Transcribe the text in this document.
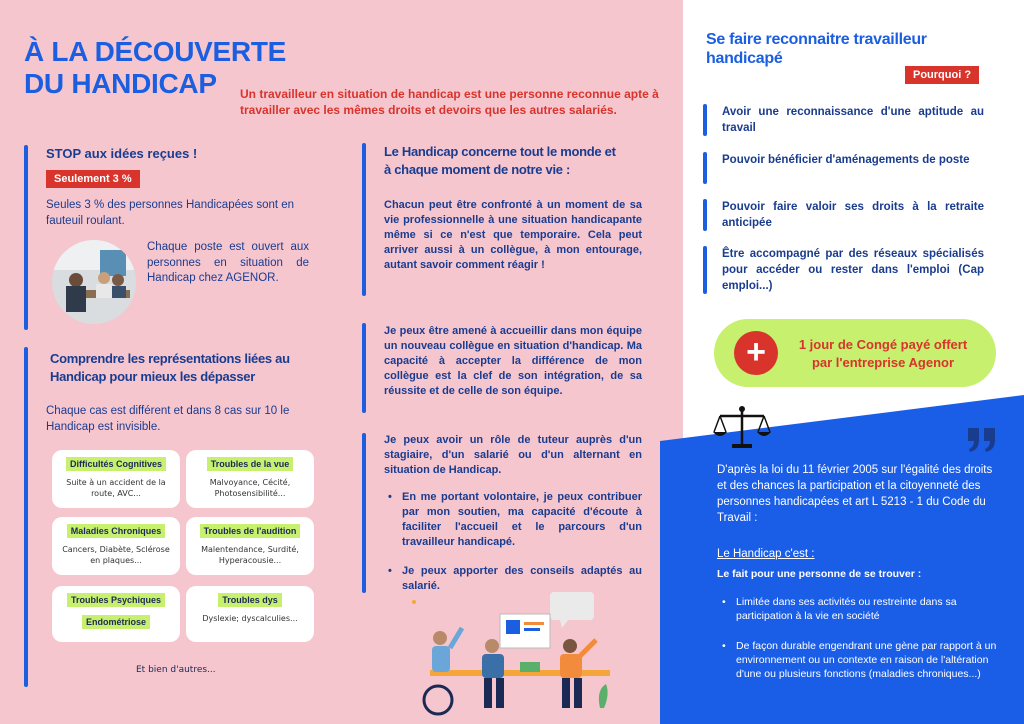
À LA DÉCOUVERTE
DU HANDICAP	Un travailleur en situation de handicap est une personne reconnue apte à
travailler avec les mêmes droits et devoirs que les autres salariés.
STOP aux idées reçues !
Seulement 3 %
Seules 3 % des personnes Handicapées sont en fauteuil roulant.
Chaque poste est ouvert aux personnes en situation de Handicap chez AGENOR.
Comprendre les représentations liées au
Handicap pour mieux les dépasser
Chaque cas est différent et dans 8 cas sur 10 le Handicap est invisible.
Difficultés Cognitives
Suite à un accident de la route, AVC...
Troubles de la vue
Malvoyance, Cécité, Photosensibilité...
Maladies Chroniques
Cancers, Diabète, Sclérose en plaques...
Troubles de l'audition
Malentendance, Surdité, Hyperacousie...
Troubles Psychiques
Endométriose
Troubles dys
Dyslexie; dyscalculies...
Et bien d'autres...
Le Handicap concerne tout le monde et
à chaque moment de notre vie :
Chacun peut être confronté à un moment de sa vie professionnelle à une situation handicapante même si ce n'est que temporaire. Cela peut arriver aussi à un collègue, à mon entourage, autant savoir comment réagir !
Je peux être amené à accueillir dans mon équipe un nouveau collègue en situation d'handicap. Ma capacité à accepter la différence de mon collègue est la clef de son intégration, de sa réussite et de celle de son équipe.
Je peux avoir un rôle de tuteur auprès d'un stagiaire, d'un salarié ou d'un alternant en situation de Handicap.
• En me portant volontaire, je peux contribuer par mon soutien, ma capacité d'écoute à faciliter l'accueil et le parcours d'un travailleur handicapé.
• Je peux apporter des conseils adaptés au salarié.
Se faire reconnaitre travailleur
handicapé
Pourquoi ?
Avoir une reconnaissance d'une aptitude au travail
Pouvoir bénéficier d'aménagements de poste
Pouvoir faire valoir ses droits à la retraite anticipée
Être accompagné par des réseaux spécialisés pour accéder ou rester dans l'emploi (Cap emploi...)
+	1 jour de Congé payé offert
par l'entreprise Agenor
D'après la loi du 11 février 2005 sur l'égalité des droits et des chances la participation et la citoyenneté des personnes handicapées et art L 5213 - 1 du Code du Travail :
Le Handicap c'est :
Le fait pour une personne de se trouver :
• Limitée dans ses activités ou restreinte dans sa participation à la vie en société
• De façon durable engendrant une gène par rapport à un environnement ou un contexte en raison de l'altération d'une ou plusieurs fonctions (maladies chroniques...)
